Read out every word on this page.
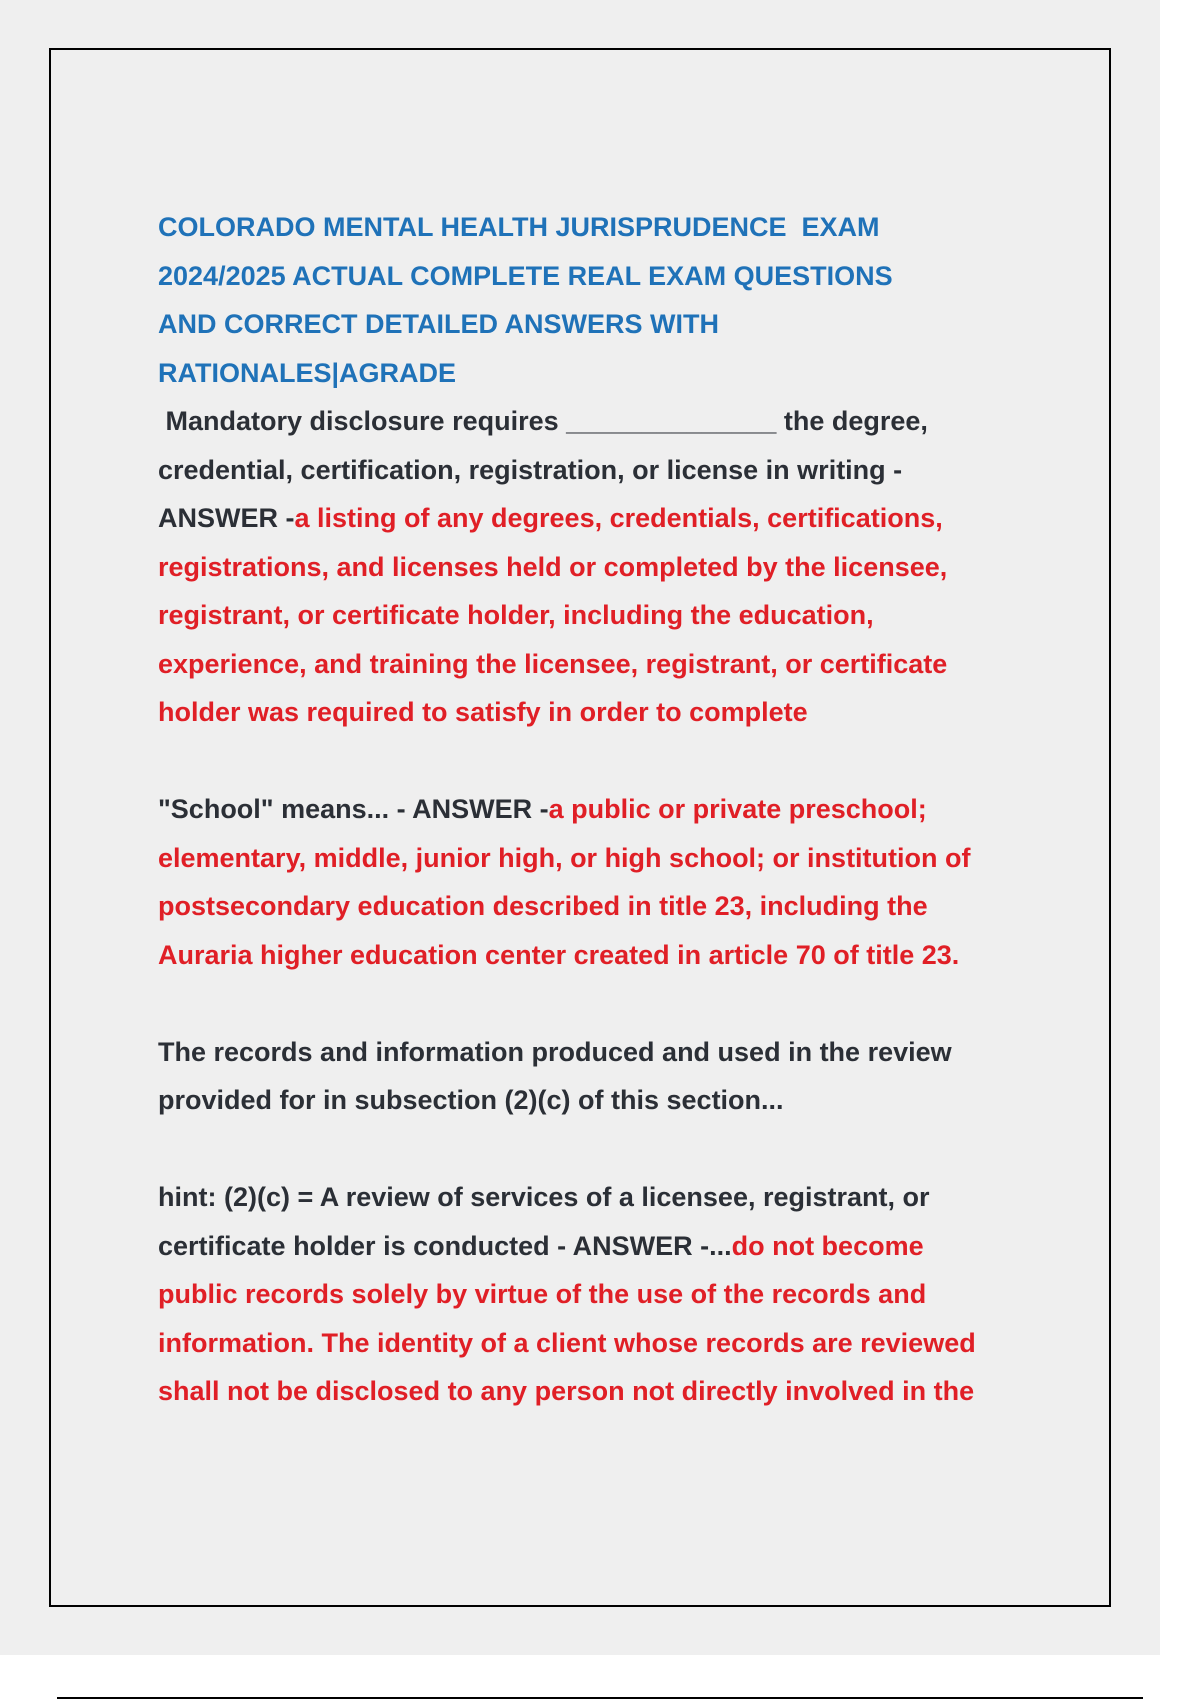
COLORADO MENTAL HEALTH JURISPRUDENCE  EXAM
2024/2025 ACTUAL COMPLETE REAL EXAM QUESTIONS
AND CORRECT DETAILED ANSWERS WITH
RATIONALES|AGRADE
Mandatory disclosure requires ______________ the degree,
credential, certification, registration, or license in writing -
ANSWER -a listing of any degrees, credentials, certifications,
registrations, and licenses held or completed by the licensee,
registrant, or certificate holder, including the education,
experience, and training the licensee, registrant, or certificate
holder was required to satisfy in order to complete
"School" means... - ANSWER -a public or private preschool;
elementary, middle, junior high, or high school; or institution of
postsecondary education described in title 23, including the
Auraria higher education center created in article 70 of title 23.
The records and information produced and used in the review
provided for in subsection (2)(c) of this section...
hint: (2)(c) = A review of services of a licensee, registrant, or
certificate holder is conducted - ANSWER -...do not become
public records solely by virtue of the use of the records and
information. The identity of a client whose records are reviewed
shall not be disclosed to any person not directly involved in the
